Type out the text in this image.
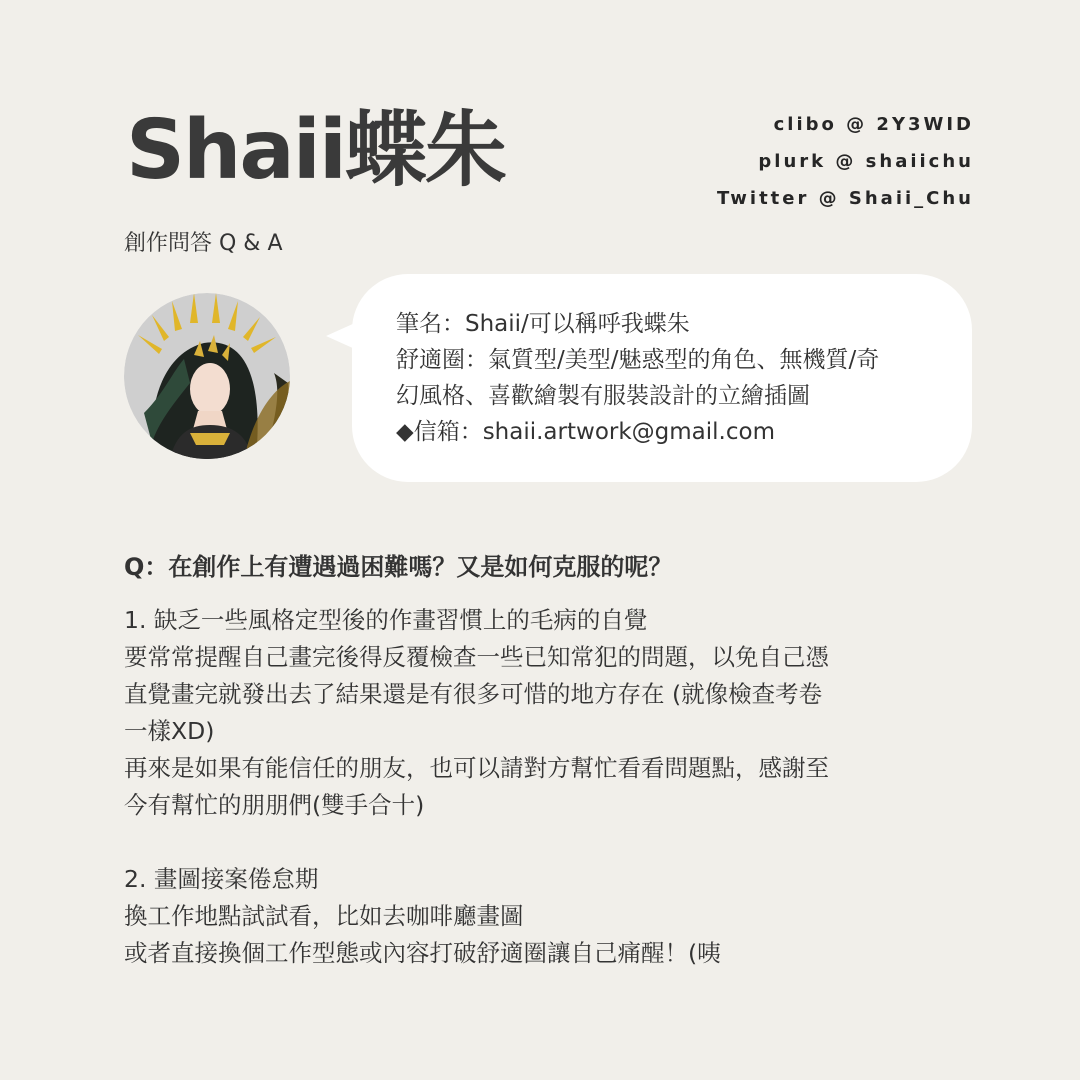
Shaii蝶朱	clibo @ 2Y3WID
plurk @ shaiichu
Twitter @ Shaii_Chu
創作問答 Q & A
筆名：Shaii/可以稱呼我蝶朱
舒適圈：氣質型/美型/魅惑型的角色、無機質/奇
幻風格、喜歡繪製有服裝設計的立繪插圖
◆信箱：shaii.artwork@gmail.com
Q：在創作上有遭遇過困難嗎？又是如何克服的呢？
1. 缺乏一些風格定型後的作畫習慣上的毛病的自覺
要常常提醒自己畫完後得反覆檢查一些已知常犯的問題，以免自己憑
直覺畫完就發出去了結果還是有很多可惜的地方存在 (就像檢查考卷
一樣XD)
再來是如果有能信任的朋友，也可以請對方幫忙看看問題點，感謝至
今有幫忙的朋朋們(雙手合十)
2. 畫圖接案倦怠期
換工作地點試試看，比如去咖啡廳畫圖
或者直接換個工作型態或內容打破舒適圈讓自己痛醒！(咦
